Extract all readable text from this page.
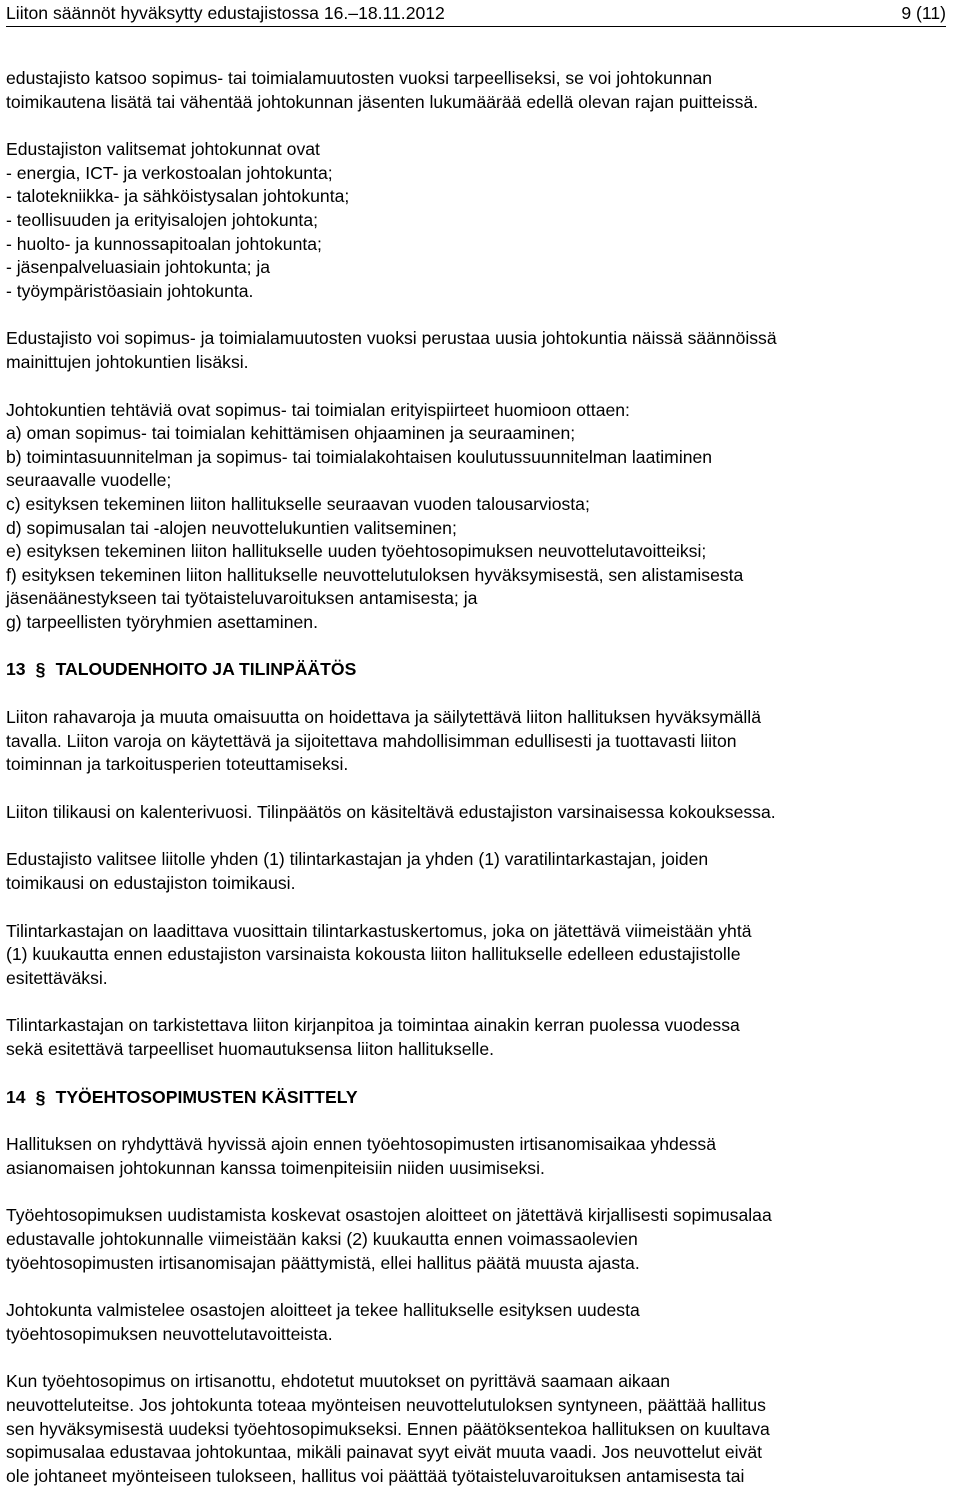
Liiton säännöt hyväksytty edustajistossa 16.–18.11.2012	9 (11)

edustajisto katsoo sopimus- tai toimialamuutosten vuoksi tarpeelliseksi, se voi johtokunnan
toimikautena lisätä tai vähentää johtokunnan jäsenten lukumäärää edellä olevan rajan puitteissä.

Edustajiston valitsemat johtokunnat ovat
- energia, ICT- ja verkostoalan johtokunta;
- talotekniikka- ja sähköistysalan johtokunta;
- teollisuuden ja erityisalojen johtokunta;
- huolto- ja kunnossapitoalan johtokunta;
- jäsenpalveluasiain johtokunta; ja
- työympäristöasiain johtokunta.

Edustajisto voi sopimus- ja toimialamuutosten vuoksi perustaa uusia johtokuntia näissä säännöissä
mainittujen johtokuntien lisäksi.

Johtokuntien tehtäviä ovat sopimus- tai toimialan erityispiirteet huomioon ottaen:
a) oman sopimus- tai toimialan kehittämisen ohjaaminen ja seuraaminen;
b) toimintasuunnitelman ja sopimus- tai toimialakohtaisen koulutussuunnitelman laatiminen
seuraavalle vuodelle;
c) esityksen tekeminen liiton hallitukselle seuraavan vuoden talousarviosta;
d) sopimusalan tai -alojen neuvottelukuntien valitseminen;
e) esityksen tekeminen liiton hallitukselle uuden työehtosopimuksen neuvottelutavoitteiksi;
f) esityksen tekeminen liiton hallitukselle neuvottelutuloksen hyväksymisestä, sen alistamisesta
jäsenäänestykseen tai työtaisteluvaroituksen antamisesta; ja
g) tarpeellisten työryhmien asettaminen.
13 § TALOUDENHOITO JA TILINPÄÄTÖS

Liiton rahavaroja ja muuta omaisuutta on hoidettava ja säilytettävä liiton hallituksen hyväksymällä
tavalla. Liiton varoja on käytettävä ja sijoitettava mahdollisimman edullisesti ja tuottavasti liiton
toiminnan ja tarkoitusperien toteuttamiseksi.

Liiton tilikausi on kalenterivuosi. Tilinpäätös on käsiteltävä edustajiston varsinaisessa kokouksessa.

Edustajisto valitsee liitolle yhden (1) tilintarkastajan ja yhden (1) varatilintarkastajan, joiden
toimikausi on edustajiston toimikausi.

Tilintarkastajan on laadittava vuosittain tilintarkastuskertomus, joka on jätettävä viimeistään yhtä
(1) kuukautta ennen edustajiston varsinaista kokousta liiton hallitukselle edelleen edustajistolle
esitettäväksi.

Tilintarkastajan on tarkistettava liiton kirjanpitoa ja toimintaa ainakin kerran puolessa vuodessa
sekä esitettävä tarpeelliset huomautuksensa liiton hallitukselle.

14 § TYÖEHTOSOPIMUSTEN KÄSITTELY

Hallituksen on ryhdyttävä hyvissä ajoin ennen työehtosopimusten irtisanomisaikaa yhdessä
asianomaisen johtokunnan kanssa toimenpiteisiin niiden uusimiseksi.

Työehtosopimuksen uudistamista koskevat osastojen aloitteet on jätettävä kirjallisesti sopimusalaa
edustavalle johtokunnalle viimeistään kaksi (2) kuukautta ennen voimassaolevien
työehtosopimusten irtisanomisajan päättymistä, ellei hallitus päätä muusta ajasta.

Johtokunta valmistelee osastojen aloitteet ja tekee hallitukselle esityksen uudesta
työehtosopimuksen neuvottelutavoitteista.

Kun työehtosopimus on irtisanottu, ehdotetut muutokset on pyrittävä saamaan aikaan
neuvotteluteitse. Jos johtokunta toteaa myönteisen neuvottelutuloksen syntyneen, päättää hallitus
sen hyväksymisestä uudeksi työehtosopimukseksi. Ennen päätöksentekoa hallituksen on kuultava
sopimusalaa edustavaa johtokuntaa, mikäli painavat syyt eivät muuta vaadi. Jos neuvottelut eivät
ole johtaneet myönteiseen tulokseen, hallitus voi päättää työtaisteluvaroituksen antamisesta tai
